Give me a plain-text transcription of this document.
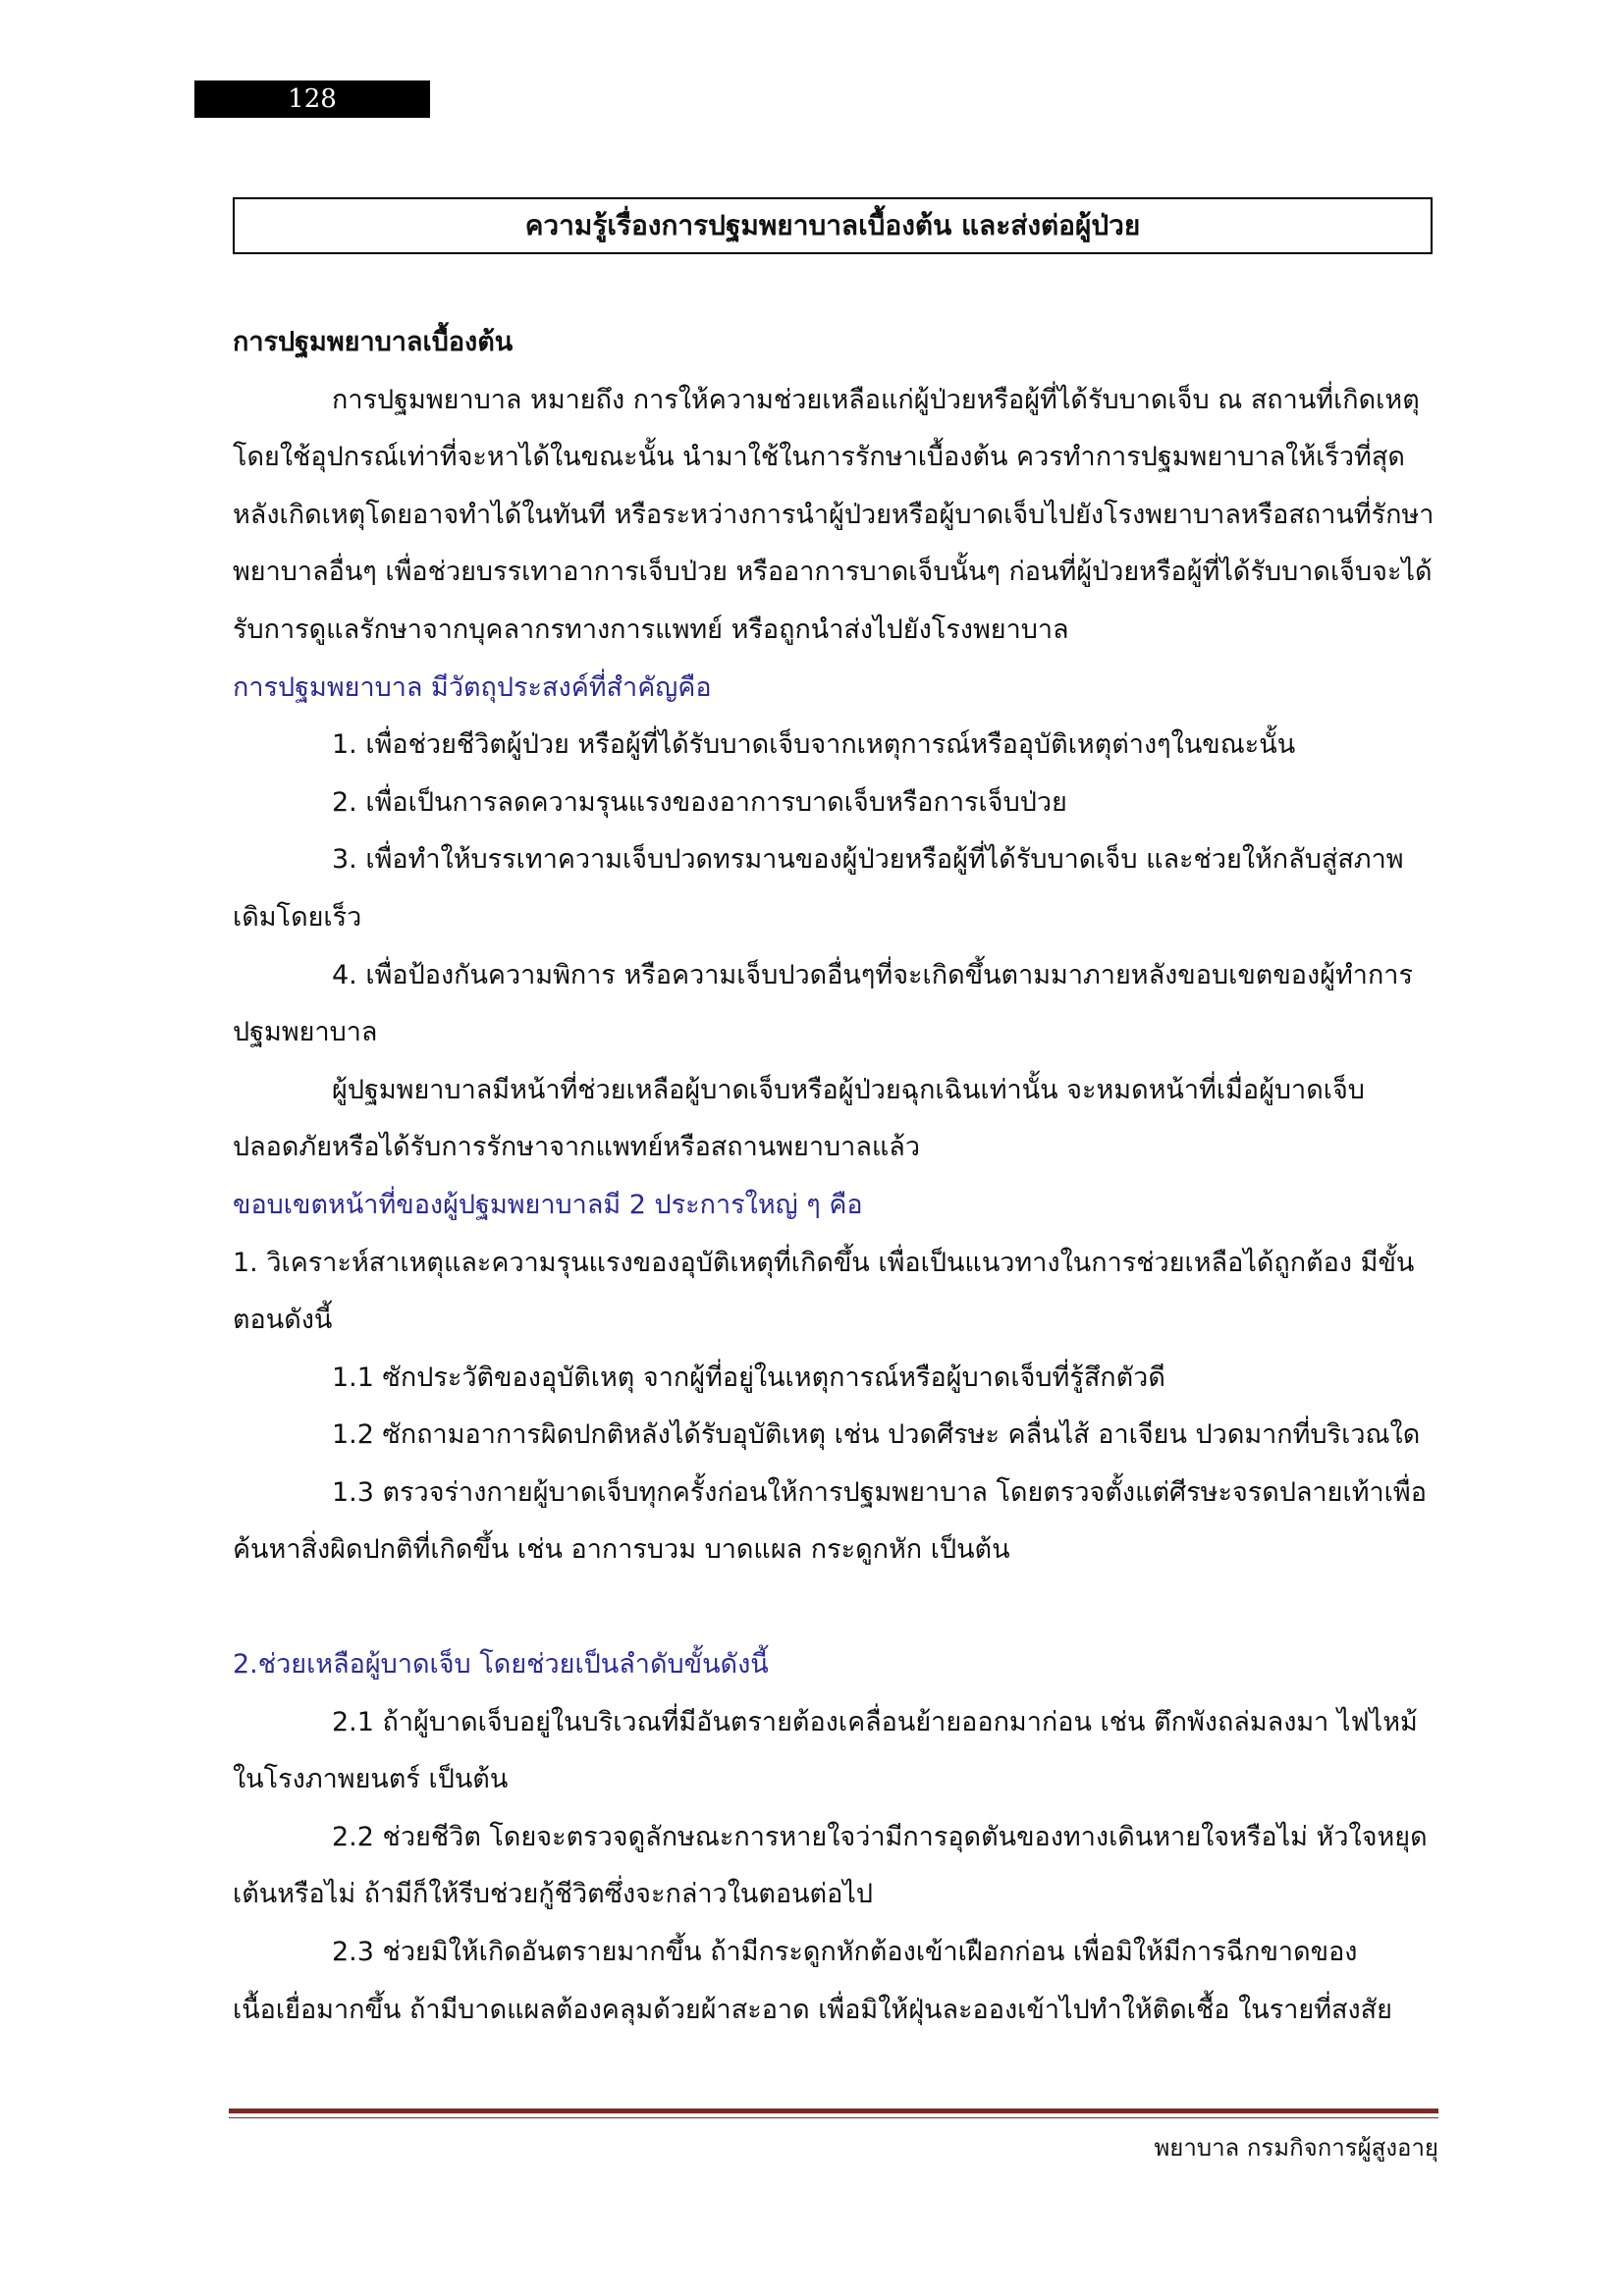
128
ความรู้เรื่องการปฐมพยาบาลเบื้องต้น และส่งต่อผู้ป่วย

การปฐมพยาบาลเบื้องต้น

การปฐมพยาบาล หมายถึง การให้ความช่วยเหลือแก่ผู้ป่วยหรือผู้ที่ได้รับบาดเจ็บ ณ สถานที่เกิดเหตุ โดยใช้อุปกรณ์เท่าที่จะหาได้ในขณะนั้น นำมาใช้ในการรักษาเบื้องต้น ควรทำการปฐมพยาบาลให้เร็วที่สุดหลังเกิดเหตุโดยอาจทำได้ในทันที หรือระหว่างการนำผู้ป่วยหรือผู้บาดเจ็บไปยังโรงพยาบาลหรือสถานที่รักษาพยาบาลอื่นๆ เพื่อช่วยบรรเทาอาการเจ็บป่วย หรืออาการบาดเจ็บนั้นๆ ก่อนที่ผู้ป่วยหรือผู้ที่ได้รับบาดเจ็บจะได้รับการดูแลรักษาจากบุคลากรทางการแพทย์ หรือถูกนำส่งไปยังโรงพยาบาล

การปฐมพยาบาล มีวัตถุประสงค์ที่สำคัญคือ

1. เพื่อช่วยชีวิตผู้ป่วย หรือผู้ที่ได้รับบาดเจ็บจากเหตุการณ์หรืออุบัติเหตุต่างๆในขณะนั้น

2. เพื่อเป็นการลดความรุนแรงของอาการบาดเจ็บหรือการเจ็บป่วย

3. เพื่อทำให้บรรเทาความเจ็บปวดทรมานของผู้ป่วยหรือผู้ที่ได้รับบาดเจ็บ และช่วยให้กลับสู่สภาพเดิมโดยเร็ว

4. เพื่อป้องกันความพิการ หรือความเจ็บปวดอื่นๆที่จะเกิดขึ้นตามมาภายหลังขอบเขตของผู้ทำการปฐมพยาบาล

ผู้ปฐมพยาบาลมีหน้าที่ช่วยเหลือผู้บาดเจ็บหรือผู้ป่วยฉุกเฉินเท่านั้น จะหมดหน้าที่เมื่อผู้บาดเจ็บปลอดภัยหรือได้รับการรักษาจากแพทย์หรือสถานพยาบาลแล้ว

ขอบเขตหน้าที่ของผู้ปฐมพยาบาลมี 2 ประการใหญ่ ๆ คือ

1. วิเคราะห์สาเหตุและความรุนแรงของอุบัติเหตุที่เกิดขึ้น เพื่อเป็นแนวทางในการช่วยเหลือได้ถูกต้อง มีขั้นตอนดังนี้

1.1 ซักประวัติของอุบัติเหตุ จากผู้ที่อยู่ในเหตุการณ์หรือผู้บาดเจ็บที่รู้สึกตัวดี

1.2 ซักถามอาการผิดปกติหลังได้รับอุบัติเหตุ เช่น ปวดศีรษะ คลื่นไส้ อาเจียน ปวดมากที่บริเวณใด

1.3 ตรวจร่างกายผู้บาดเจ็บทุกครั้งก่อนให้การปฐมพยาบาล โดยตรวจตั้งแต่ศีรษะจรดปลายเท้าเพื่อค้นหาสิ่งผิดปกติที่เกิดขึ้น เช่น อาการบวม บาดแผล กระดูกหัก เป็นต้น

2.ช่วยเหลือผู้บาดเจ็บ โดยช่วยเป็นลำดับขั้นดังนี้

2.1 ถ้าผู้บาดเจ็บอยู่ในบริเวณที่มีอันตรายต้องเคลื่อนย้ายออกมาก่อน เช่น ตึกพังถล่มลงมา ไฟไหม้ในโรงภาพยนตร์ เป็นต้น

2.2 ช่วยชีวิต โดยจะตรวจดูลักษณะการหายใจว่ามีการอุดตันของทางเดินหายใจหรือไม่ หัวใจหยุดเต้นหรือไม่ ถ้ามีก็ให้รีบช่วยกู้ชีวิตซึ่งจะกล่าวในตอนต่อไป

2.3 ช่วยมิให้เกิดอันตรายมากขึ้น ถ้ามีกระดูกหักต้องเข้าเฝือกก่อน เพื่อมิให้มีการฉีกขาดของเนื้อเยื่อมากขึ้น ถ้ามีบาดแผลต้องคลุมด้วยผ้าสะอาด เพื่อมิให้ฝุ่นละอองเข้าไปทำให้ติดเชื้อ ในรายที่สงสัย

พยาบาล กรมกิจการผู้สูงอายุ
